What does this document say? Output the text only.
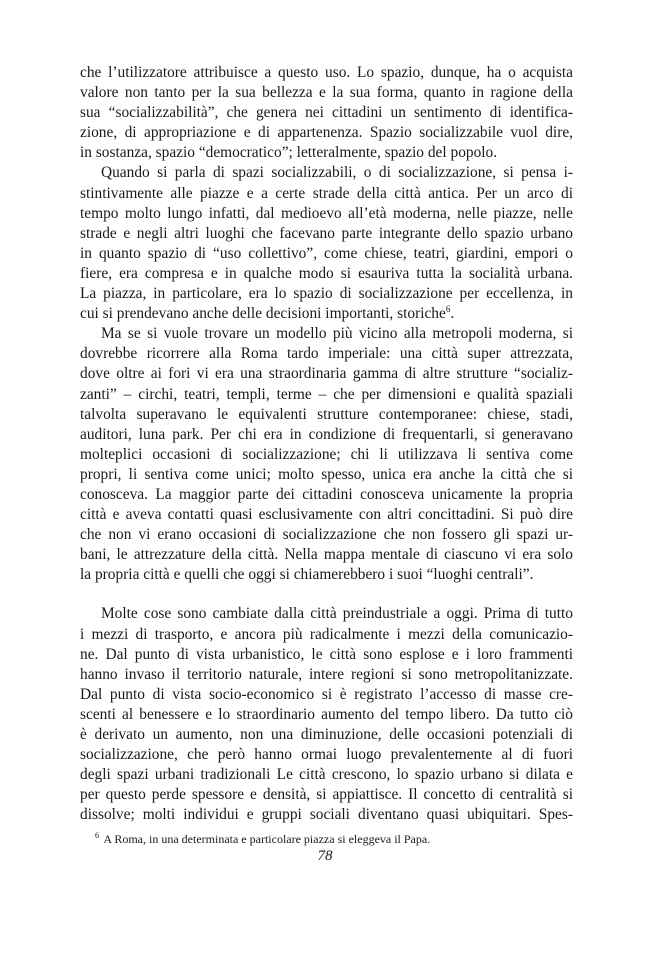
che l’utilizzatore attribuisce a questo uso. Lo spazio, dunque, ha o acquista
valore non tanto per la sua bellezza e la sua forma, quanto in ragione della
sua “socializzabilità”, che genera nei cittadini un sentimento di identifica-
zione, di appropriazione e di appartenenza. Spazio socializzabile vuol dire,
in sostanza, spazio “democratico”; letteralmente, spazio del popolo.
Quando si parla di spazi socializzabili, o di socializzazione, si pensa i-
stintivamente alle piazze e a certe strade della città antica. Per un arco di
tempo molto lungo infatti, dal medioevo all’età moderna, nelle piazze, nelle
strade e negli altri luoghi che facevano parte integrante dello spazio urbano
in quanto spazio di “uso collettivo”, come chiese, teatri, giardini, empori o
fiere, era compresa e in qualche modo si esauriva tutta la socialità urbana.
La piazza, in particolare, era lo spazio di socializzazione per eccellenza, in
cui si prendevano anche delle decisioni importanti, storiche$^6$.
Ma se si vuole trovare un modello più vicino alla metropoli moderna, si
dovrebbe ricorrere alla Roma tardo imperiale: una città super attrezzata,
dove oltre ai fori vi era una straordinaria gamma di altre strutture “socializ-
zanti” – circhi, teatri, templi, terme – che per dimensioni e qualità spaziali
talvolta superavano le equivalenti strutture contemporanee: chiese, stadi,
auditori, luna park. Per chi era in condizione di frequentarli, si generavano
molteplici occasioni di socializzazione; chi li utilizzava li sentiva come
propri, li sentiva come unici; molto spesso, unica era anche la città che si
conosceva. La maggior parte dei cittadini conosceva unicamente la propria
città e aveva contatti quasi esclusivamente con altri concittadini. Si può dire
che non vi erano occasioni di socializzazione che non fossero gli spazi ur-
bani, le attrezzature della città. Nella mappa mentale di ciascuno vi era solo
la propria città e quelli che oggi si chiamerebbero i suoi “luoghi centrali”.
Molte cose sono cambiate dalla città preindustriale a oggi. Prima di tutto
i mezzi di trasporto, e ancora più radicalmente i mezzi della comunicazio-
ne. Dal punto di vista urbanistico, le città sono esplose e i loro frammenti
hanno invaso il territorio naturale, intere regioni si sono metropolitanizzate.
Dal punto di vista socio-economico si è registrato l’accesso di masse cre-
scenti al benessere e lo straordinario aumento del tempo libero. Da tutto ciò
è derivato un aumento, non una diminuzione, delle occasioni potenziali di
socializzazione, che però hanno ormai luogo prevalentemente al di fuori
degli spazi urbani tradizionali Le città crescono, lo spazio urbano si dilata e
per questo perde spessore e densità, si appiattisce. Il concetto di centralità si
dissolve; molti individui e gruppi sociali diventano quasi ubiquitari. Spes-
$^6$ A Roma, in una determinata e particolare piazza si eleggeva il Papa.
78
